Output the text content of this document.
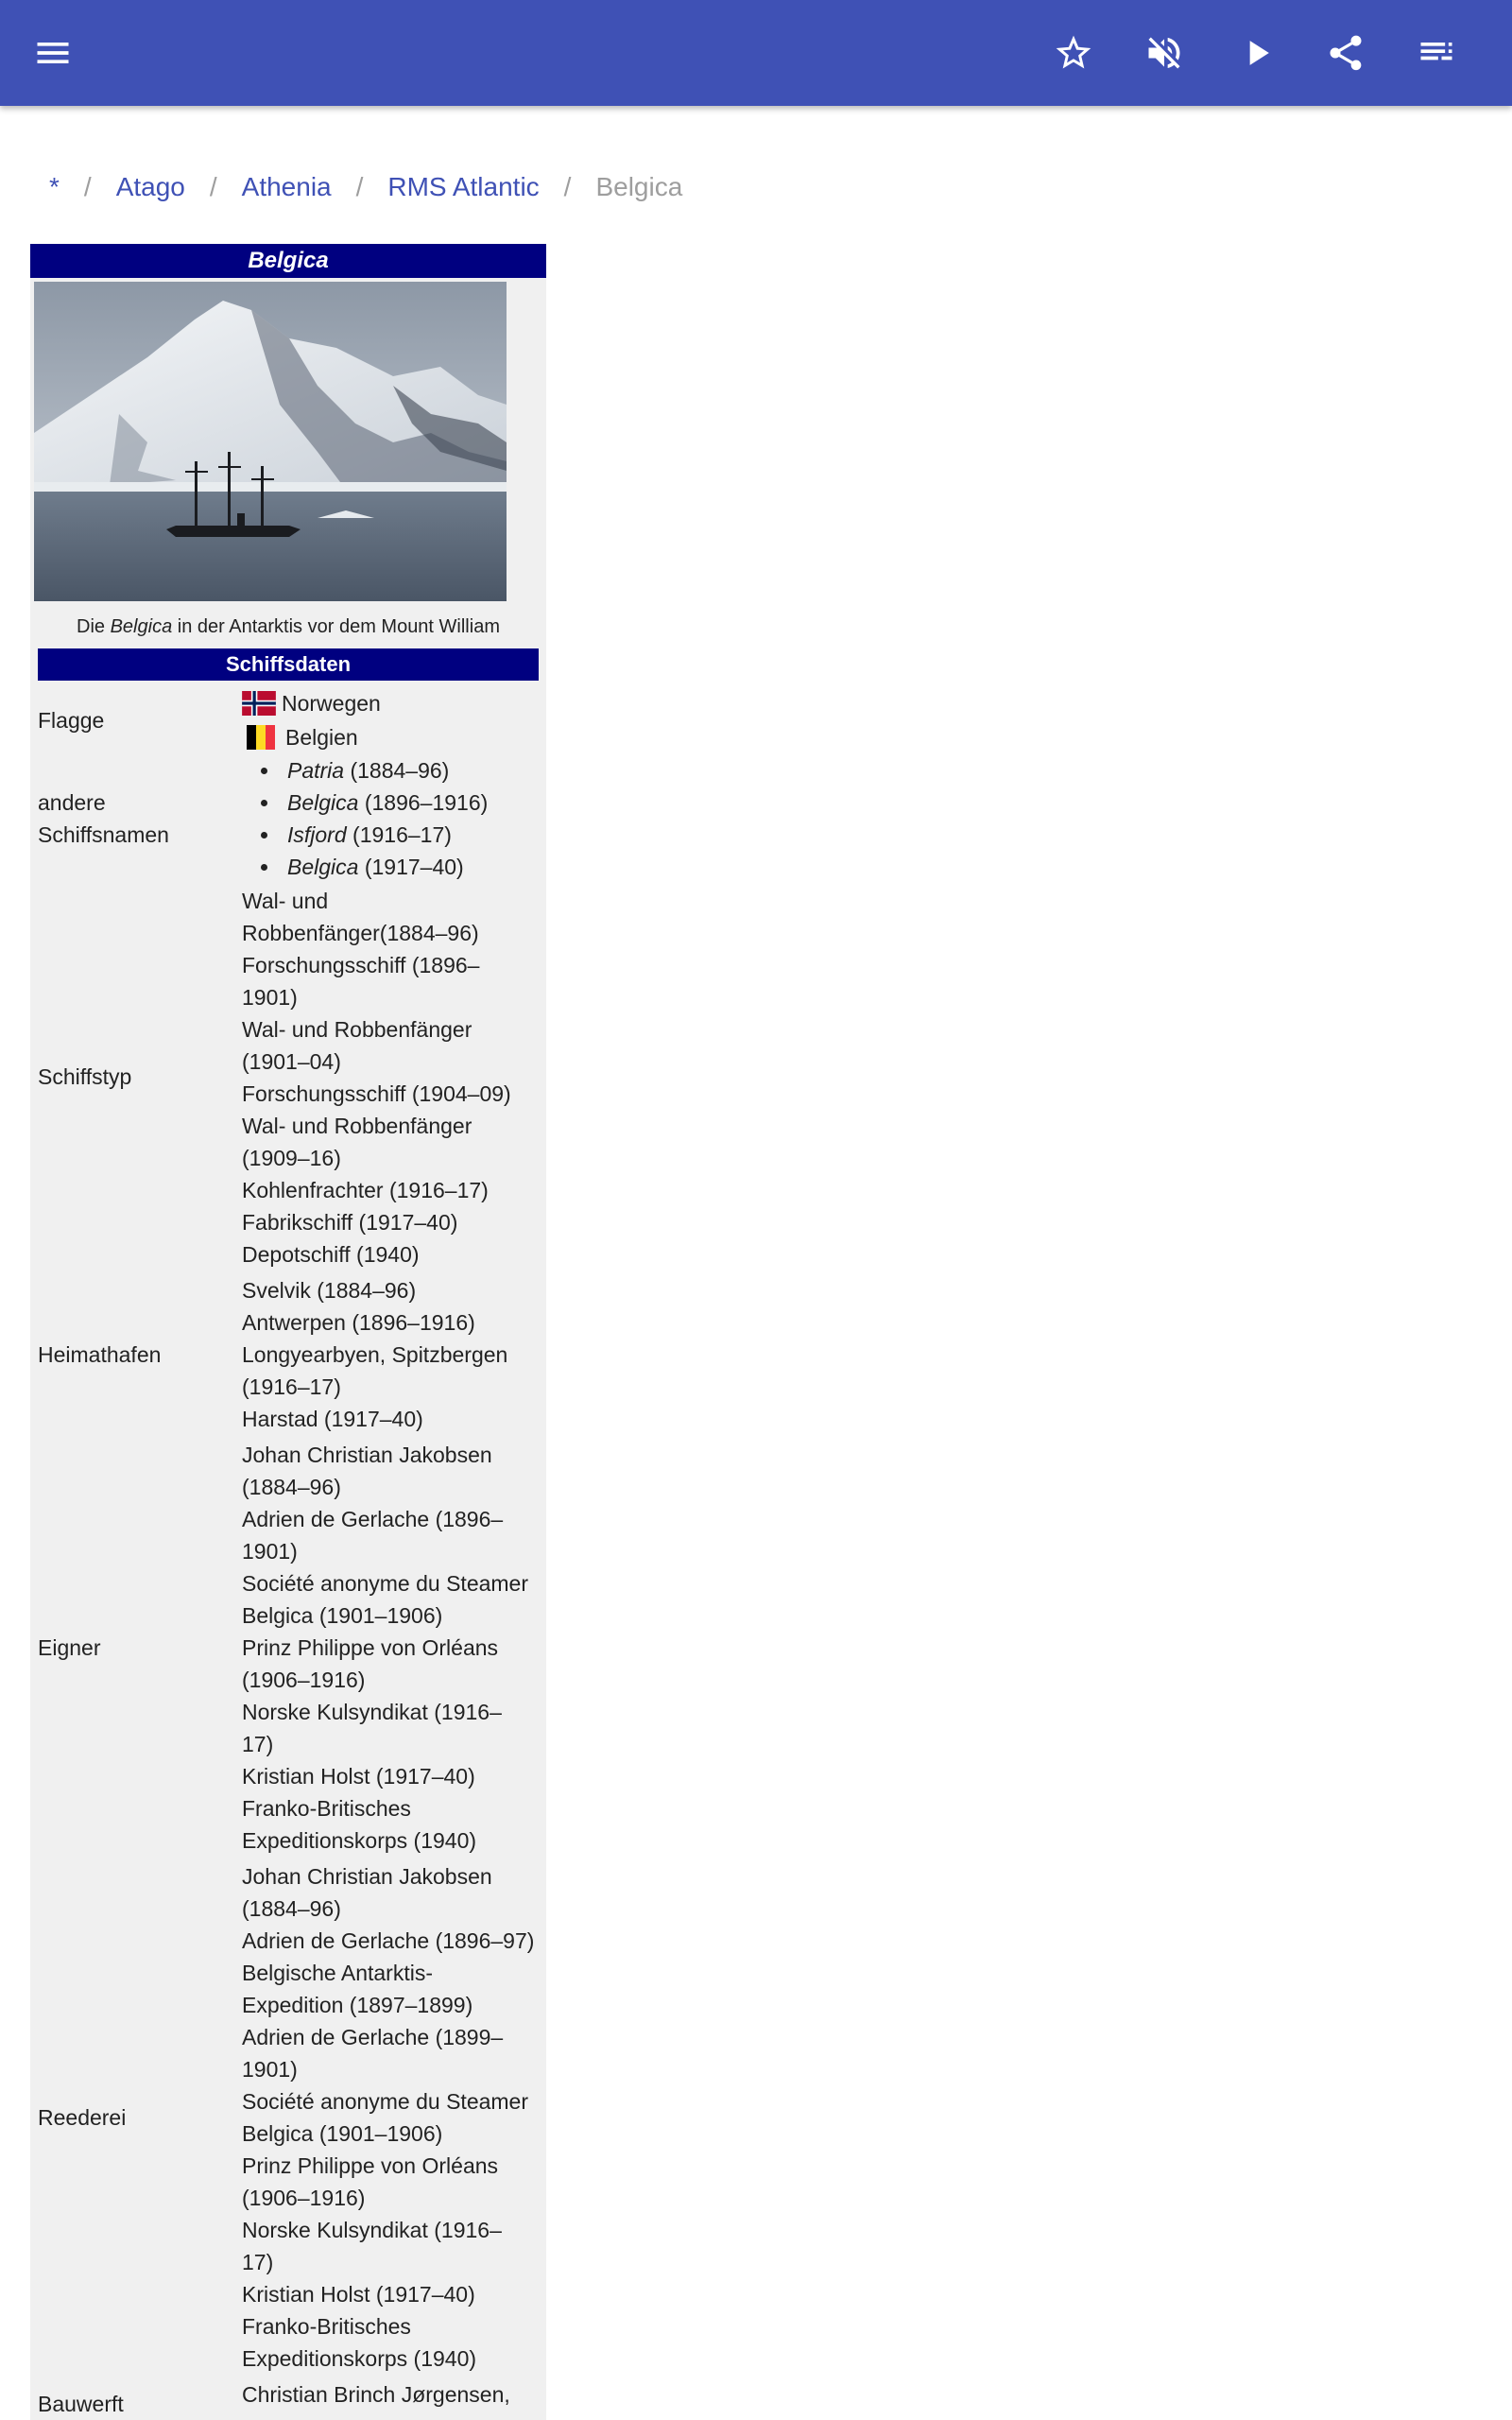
* / Atago / Athenia / RMS Atlantic / Belgica
Belgica
Die Belgica in der Antarktis vor dem Mount William
Schiffsdaten
Flagge
Norwegen
Belgien
andere Schiffsnamen
Patria (1884–96)
Belgica (1896–1916)
Isfjord (1916–17)
Belgica (1917–40)
Schiffstyp
Wal- und
Robbenfänger(1884–96)
Forschungsschiff (1896–
1901)
Wal- und Robbenfänger
(1901–04)
Forschungsschiff (1904–09)
Wal- und Robbenfänger
(1909–16)
Kohlenfrachter (1916–17)
Fabrikschiff (1917–40)
Depotschiff (1940)
Heimathafen
Svelvik (1884–96)
Antwerpen (1896–1916)
Longyearbyen, Spitzbergen
(1916–17)
Harstad (1917–40)
Eigner
Johan Christian Jakobsen
(1884–96)
Adrien de Gerlache (1896–
1901)
Société anonyme du Steamer
Belgica (1901–1906)
Prinz Philippe von Orléans
(1906–1916)
Norske Kulsyndikat (1916–
17)
Kristian Holst (1917–40)
Franko-Britisches
Expeditionskorps (1940)
Reederei
Johan Christian Jakobsen
(1884–96)
Adrien de Gerlache (1896–97)
Belgische Antarktis-
Expedition (1897–1899)
Adrien de Gerlache (1899–
1901)
Société anonyme du Steamer
Belgica (1901–1906)
Prinz Philippe von Orléans
(1906–1916)
Norske Kulsyndikat (1916–
17)
Kristian Holst (1917–40)
Franko-Britisches
Expeditionskorps (1940)
Bauwerft	Christian Brinch Jørgensen,
